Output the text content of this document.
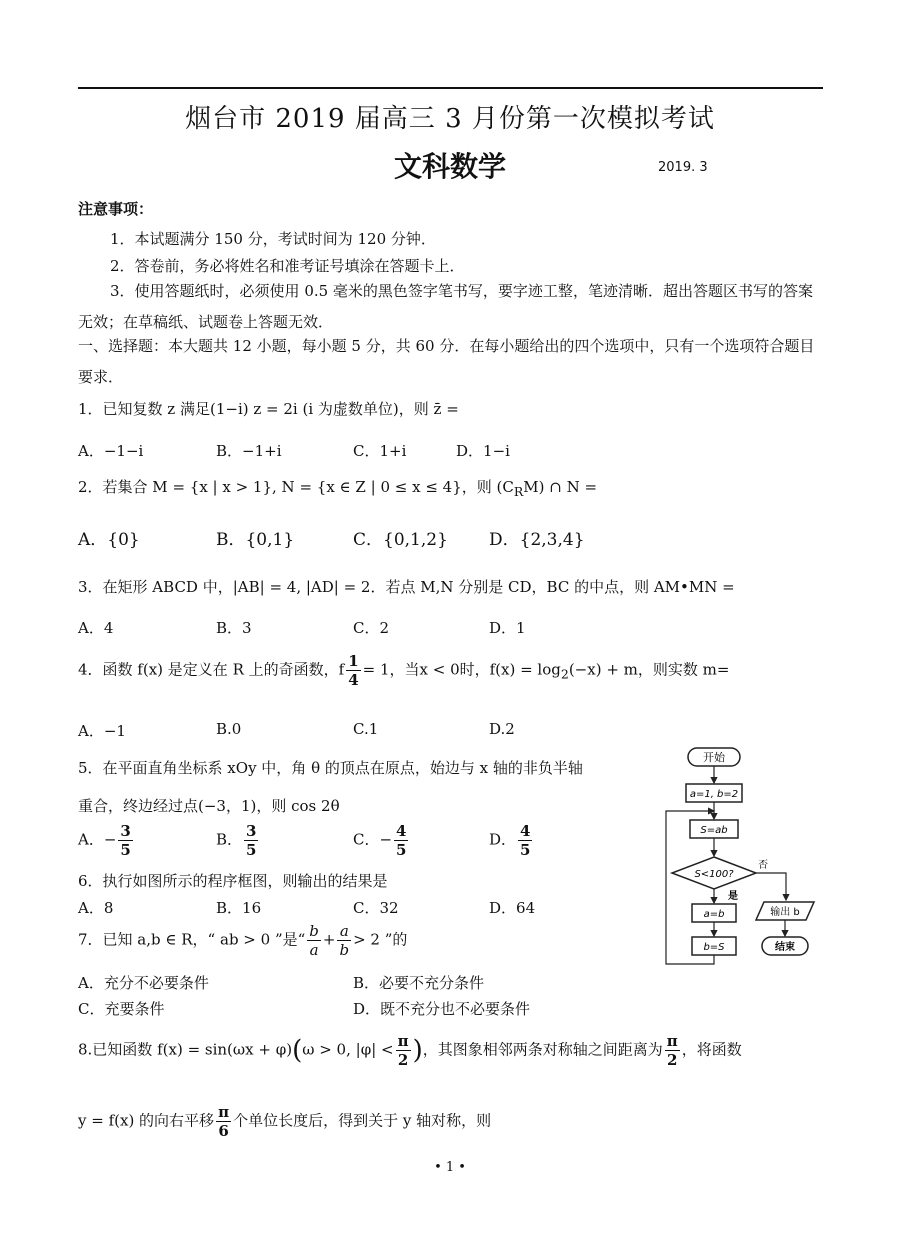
烟台市 2019 届高三 3 月份第一次模拟考试
文科数学	2019. 3
注意事项：
1．本试题满分 150 分，考试时间为 120 分钟．
2．答卷前，务必将姓名和准考证号填涂在答题卡上．
3．使用答题纸时，必须使用 0.5 毫米的黑色签字笔书写，要字迹工整，笔迹清晰．超出答题区书写的答案无效；在草稿纸、试题卷上答题无效．
一、选择题：本大题共 12 小题，每小题 5 分，共 60 分．在每小题给出的四个选项中，只有一个选项符合题目要求．
1．已知复数 z 满足(1−i) z = 2i (i 为虚数单位)，则 z̄ =
A．−1−i	B．−1+i	C．1+i	D．1−i
2．若集合 M = {x | x > 1}, N = {x ∈ Z | 0 ≤ x ≤ 4}，则 $(C_RM)$ ∩ N =
A．{0}	B．{0,1}	C．{0,1,2} D．{2,3,4}
3．在矩形 ABCD 中，|AB| = 4, |AD| = 2．若点 M,N 分别是 CD，BC 的中点，则 AM•MN =
A．4	B．3	C．2	D．1
4．函数 f(x) 是定义在 R 上的奇函数，f $\frac{1}{4} = 1$，当x < 0时，$f(x) = \log_2(-x) + m$，则实数 m=
A．−1	B.0	C.1	D.2
5．在平面直角坐标系 xOy 中，角 θ 的顶点在原点，始边与 x 轴的非负半轴
重合，终边经过点(−3，1)，则 cos 2θ
A．− $\frac{3}{5}$	B． $\frac{3}{5}$	C．− $\frac{4}{5}$	D． $\frac{4}{5}$
6．执行如图所示的程序框图，则输出的结果是
A．8	B．16	C．32	D．64
7．已知 a,b ∈ R，“ ab > 0 ”是“ $\frac{b}{a} + \frac{a}{b} > 2$ ”的
A．充分不必要条件	B．必要不充分条件
C．充要条件	D．既不充分也不必要条件
8.已知函数 f(x) = sin(ωx + φ)(ω > 0, $|\varphi| < \frac{\pi}{2}$ )，其图象相邻两条对称轴之间距离为 $\frac{\pi}{2}$ ，将函数
y = f(x) 的向右平移 $\frac{\pi}{6}$ 个单位长度后，得到关于 y 轴对称，则
开始
a=1, b=2
S=ab
S<100?
是
否
a=b
b=S
输出 b
结束
• 1 •
